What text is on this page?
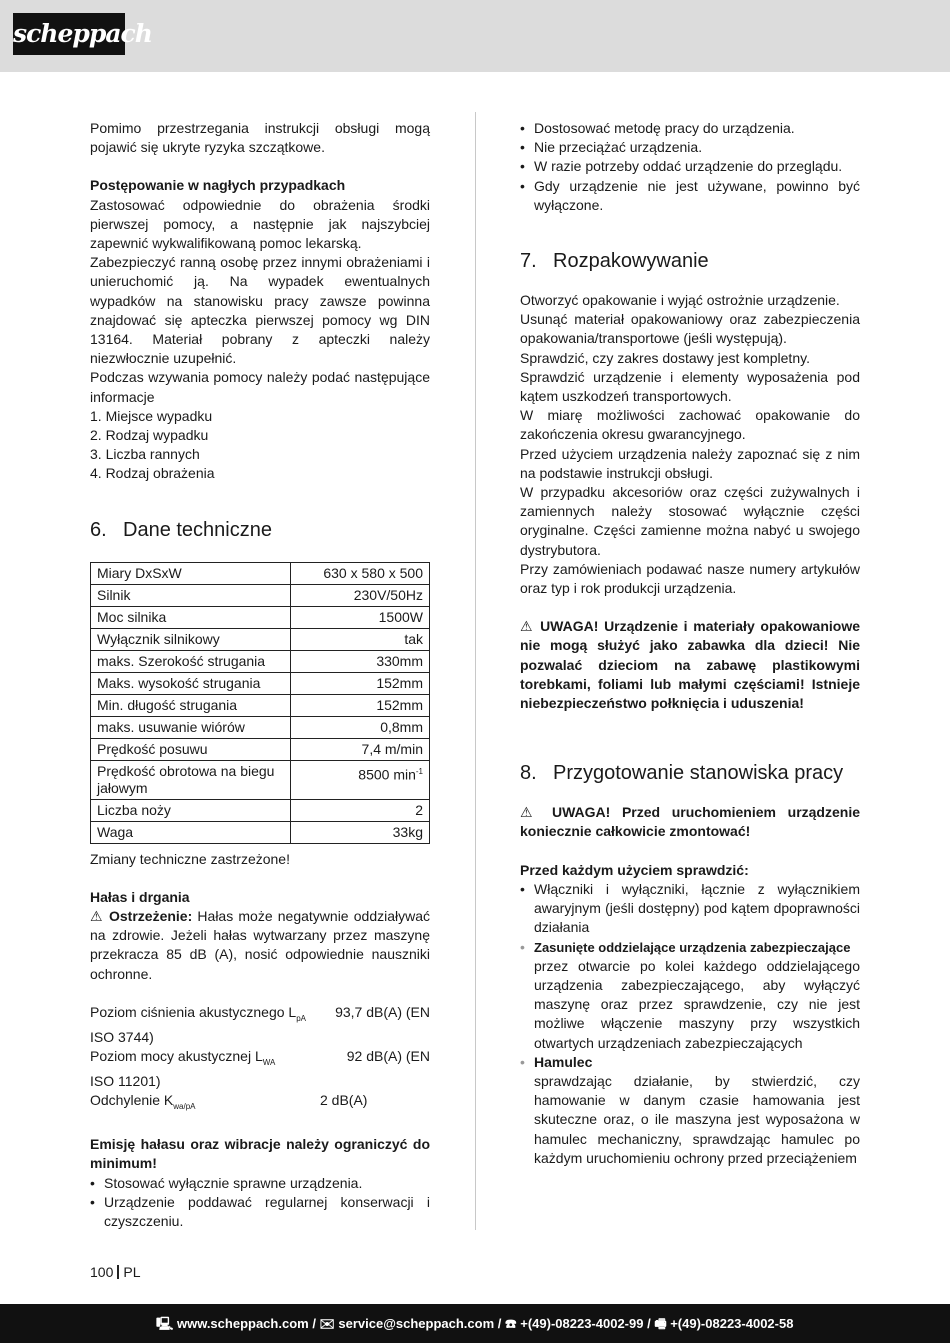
scheppach

Pomimo przestrzegania instrukcji obsługi mogą pojawić się ukryte ryzyka szczątkowe.

Postępowanie w nagłych przypadkach

Zastosować odpowiednie do obrażenia środki pierwszej pomocy, a następnie jak najszybciej zapewnić wykwalifikowaną pomoc lekarską.

Zabezpieczyć ranną osobę przez innymi obrażeniami i unieruchomić ją. Na wypadek ewentualnych wypadków na stanowisku pracy zawsze powinna znajdować się apteczka pierwszej pomocy wg DIN 13164. Materiał pobrany z apteczki należy niezwłocznie uzupełnić.

Podczas wzywania pomocy należy podać następujące informacje

1. Miejsce wypadku

2. Rodzaj wypadku

3. Liczba rannych

4. Rodzaj obrażenia

6. Dane techniczne
Miary DxSxW	630 x 580 x 500
Silnik	230V/50Hz
Moc silnika	1500W
Wyłącznik silnikowy	tak
maks. Szerokość strugania	330mm
Maks. wysokość strugania	152mm
Min. długość strugania	152mm
maks. usuwanie wiórów	0,8mm
Prędkość posuwu	7,4 m/min
Prędkość obrotowa na biegu jałowym	8500 $\min^{-1}$
Liczba noży	2
Waga	33kg

Zmiany techniczne zastrzeżone!

Hałas i drgania

⚠ Ostrzeżenie: Hałas może negatywnie oddziaływać na zdrowie. Jeżeli hałas wytwarzany przez maszynę przekracza 85 dB (A), nosić odpowiednie nauszniki ochronne.

Poziom ciśnienia akustycznego $L_{pA}$	93,7 dB(A) (EN
ISO 3744)	
Poziom mocy akustycznej $L_{WA}$	92 dB(A) (EN
ISO 11201)	
Odchylenie $K_{wa/pA}$	2 dB(A)

Emisję hałasu oraz wibracje należy ograniczyć do minimum!

• Stosować wyłącznie sprawne urządzenia.
• Urządzenie poddawać regularnej konserwacji i czyszczeniu.
• Dostosować metodę pracy do urządzenia.
• Nie przeciążać urządzenia.
• W razie potrzeby oddać urządzenie do przeglądu.
• Gdy urządzenie nie jest używane, powinno być wyłączone.
7. Rozpakowywanie

Otworzyć opakowanie i wyjąć ostrożnie urządzenie.

Usunąć materiał opakowaniowy oraz zabezpieczenia opakowania/transportowe (jeśli występują).

Sprawdzić, czy zakres dostawy jest kompletny.

Sprawdzić urządzenie i elementy wyposażenia pod kątem uszkodzeń transportowych.

W miarę możliwości zachować opakowanie do zakończenia okresu gwarancyjnego.

Przed użyciem urządzenia należy zapoznać się z nim na podstawie instrukcji obsługi.

W przypadku akcesoriów oraz części zużywalnych i zamiennych należy stosować wyłącznie części oryginalne. Części zamienne można nabyć u swojego dystrybutora.

Przy zamówieniach podawać nasze numery artykułów oraz typ i rok produkcji urządzenia.

⚠ UWAGA! Urządzenie i materiały opakowaniowe nie mogą służyć jako zabawka dla dzieci! Nie pozwalać dzieciom na zabawę plastikowymi torebkami, foliami lub małymi częściami! Istnieje niebezpieczeństwo połknięcia i uduszenia!

8. Przygotowanie stanowiska pracy

⚠ UWAGA! Przed uruchomieniem urządzenie koniecznie całkowicie zmontować!

Przed każdym użyciem sprawdzić:

• Włączniki i wyłączniki, łącznie z wyłącznikiem awaryjnym (jeśli dostępny) pod kątem dpoprawności działania
• Zasunięte oddzielające urządzenia zabezpieczające
przez otwarcie po kolei każdego oddzielającego urządzenia zabezpieczającego, aby wyłączyć maszynę oraz przez sprawdzenie, czy nie jest możliwe włączenie maszyny przy wszystkich otwartych urządzeniach zabezpieczających
• Hamulec
sprawdzając działanie, by stwierdzić, czy hamowanie w danym czasie hamowania jest skuteczne oraz, o ile maszyna jest wyposażona w hamulec mechaniczny, sprawdzając hamulec po każdym uruchomieniu ochrony przed przeciążeniem
100 PL
🖳 www.scheppach.com / ✉ service@scheppach.com / ☎ +(49)-08223-4002-99 / 🖷 +(49)-08223-4002-58
